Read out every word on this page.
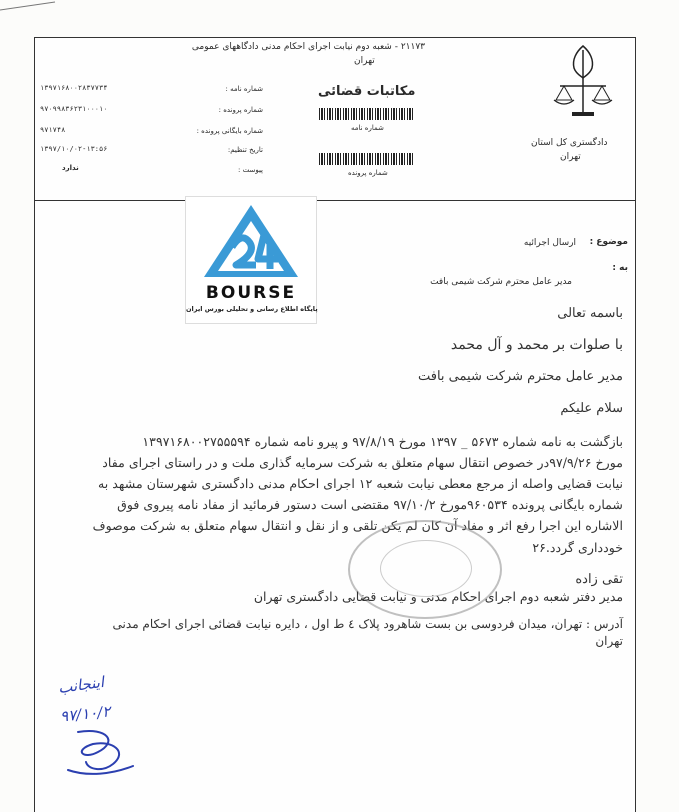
۲۱۱۷۳ - شعبه دوم نیابت اجرای احکام مدنی دادگاههای عمومی
تهران
مکاتبات قضائی
شماره نامه
شماره پرونده
شماره نامه :
۱۳۹۷۱۶۸۰۰۲۸۳۷۷۳۴
شماره پرونده :
۹۷۰۹۹۸۳۶۲۳۱۰۰۰۱۰
شماره بایگانی پرونده :
۹۷۱۷۴۸
تاریخ تنظیم:
۱۳۹۷/۱۰/۰۲-۱۳:۵۶
پیوست :
ندارد
دادگستری کل استان
تهران
BOURSE
پایگاه اطلاع رسانی و تحلیلی بورس ایران
موضوع :
ارسال اجرائیه
به :
مدیر عامل محترم شرکت شیمی بافت
باسمه تعالی
با صلوات بر محمد و آل محمد
مدیر عامل محترم شرکت شیمی بافت
سلام علیکم
بازگشت به نامه شماره ۵۶۷۳ _ ۱۳۹۷ مورخ ۹۷/۸/۱۹ و پیرو نامه شماره ۱۳۹۷۱۶۸۰۰۲۷۵۵۵۹۴
مورخ ۹۷/۹/۲۶در خصوص انتقال سهام متعلق به شرکت سرمایه گذاری ملت و در راستای اجرای مفاد
نیابت قضایی واصله از مرجع معطی نیابت شعبه ۱۲ اجرای احکام مدنی دادگستری شهرستان مشهد به
شماره بایگانی پرونده ۹۶۰۵۳۴مورخ ۹۷/۱۰/۲ مقتضی است دستور فرمائید از مفاد نامه پیروی فوق
الاشاره این اجرا رفع اثر و مفاد آن کان لم یکن تلقی و از نقل و انتقال سهام متعلق به شرکت موصوف
خودداری گردد.۲۶
تقی زاده
مدیر دفتر شعبه دوم اجرای احکام مدنی و نیابت قضایی دادگستری تهران
آدرس : تهران، میدان فردوسی بن بست شاهرود پلاک ٤ ط اول ، دایره نیابت قضائی اجرای احکام مدنی
تهران
اینجانب
۹۷/۱۰/۲
